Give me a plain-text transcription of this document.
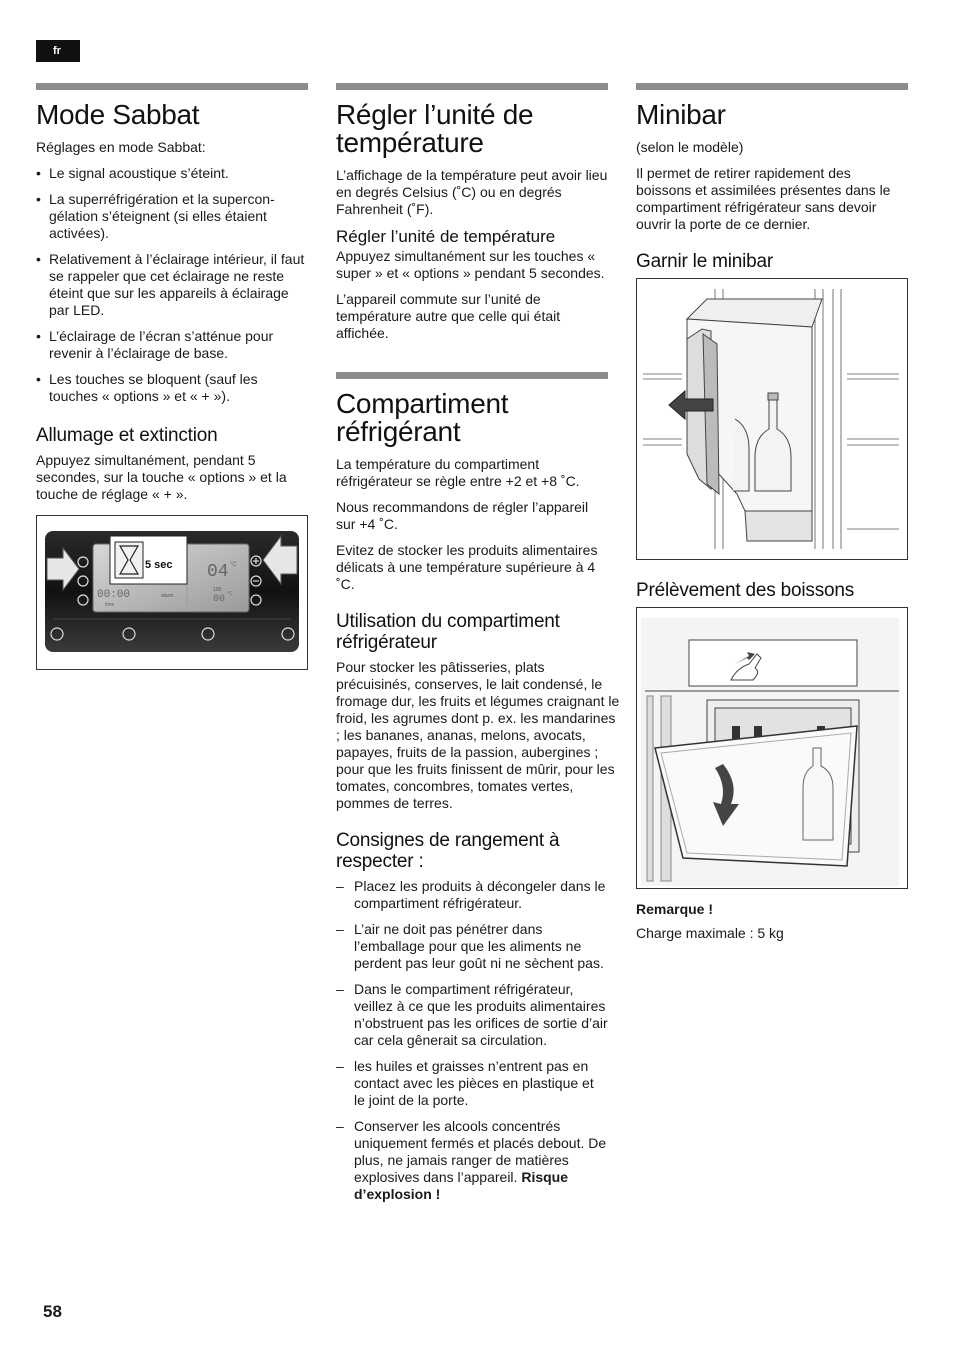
fr
Mode Sabbat

Réglages en mode Sabbat:

• Le signal acoustique s’éteint.
• La superréfrigération et la supercongélation s’éteignent (si elles étaient activées).
• Relativement à l’éclairage intérieur, il faut se rappeler que cet éclairage ne reste éteint que sur les appareils à éclairage par LED.
• L’éclairage de l’écran s’atténue pour revenir à l’éclairage de base.
• Les touches se bloquent (sauf les touches « options » et « + »).
Allumage et extinction

Appuyez simultanément, pendant 5 secondes, sur la touche « options » et la touche de réglage « + ».

00:00
time
alarm
100
04 °C
00 °C
5 sec
Régler l’unité de température

L’affichage de la température peut avoir lieu en degrés Celsius (˚C) ou en degrés Fahrenheit (˚F).

Régler l’unité de température

Appuyez simultanément sur les touches « super » et « options » pendant 5 secondes.

L’appareil commute sur l’unité de température autre que celle qui était affichée.

Compartiment réfrigérant

La température du compartiment réfrigérateur se règle entre +2 et +8 ˚C.

Nous recommandons de régler l’appareil sur +4 ˚C.

Evitez de stocker les produits alimentaires délicats à une température supérieure à 4 ˚C.

Utilisation du compartiment réfrigérateur

Pour stocker les pâtisseries, plats précuisinés, conserves, le lait condensé, le fromage dur, les fruits et légumes craignant le froid, les agrumes dont p. ex. les mandarines ; les bananes, ananas, melons, avocats, papayes, fruits de la passion, aubergines ; pour que les fruits finissent de mûrir, pour les tomates, concombres, tomates vertes, pommes de terres.

Consignes de rangement à respecter :
– Placez les produits à décongeler dans le compartiment réfrigérateur.
– L’air ne doit pas pénétrer dans l’emballage pour que les aliments ne perdent pas leur goût ni ne sèchent pas.
– Dans le compartiment réfrigérateur, veillez à ce que les produits alimentaires n’obstruent pas les orifices de sortie d’air car cela gênerait sa circulation.
– les huiles et graisses n’entrent pas en contact avec les pièces en plastique et le joint de la porte.
– Conserver les alcools concentrés uniquement fermés et placés debout. De plus, ne jamais ranger de matières explosives dans l’appareil. Risque d’explosion !
Minibar

(selon le modèle)

Il permet de retirer rapidement des boissons et assimilées présentes dans le compartiment réfrigérateur sans devoir ouvrir la porte de ce dernier.

Garnir le minibar
Prélèvement des boissons
Remarque !

Charge maximale : 5 kg

58
